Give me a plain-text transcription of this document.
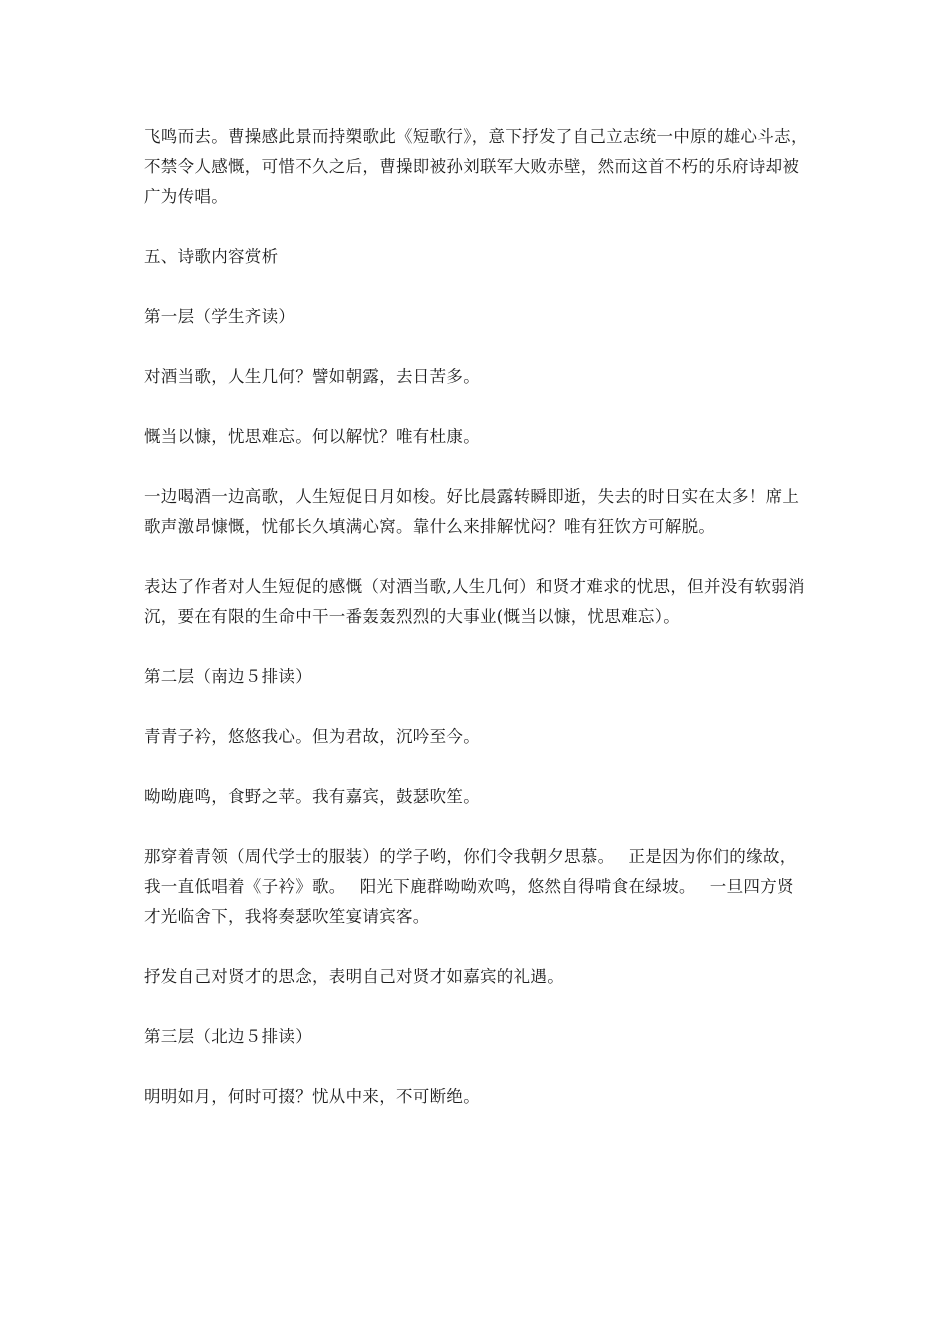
飞鸣而去。曹操感此景而持槊歌此《短歌行》，意下抒发了自己立志统一中原的雄心斗志，
不禁令人感慨，可惜不久之后，曹操即被孙刘联军大败赤壁，然而这首不朽的乐府诗却被
广为传唱。

五、诗歌内容赏析

第一层（学生齐读）

对酒当歌，人生几何？譬如朝露，去日苦多。

慨当以慷，忧思难忘。何以解忧？唯有杜康。

一边喝酒一边高歌，人生短促日月如梭。好比晨露转瞬即逝，失去的时日实在太多！席上
歌声激昂慷慨，忧郁长久填满心窝。靠什么来排解忧闷？唯有狂饮方可解脱。

表达了作者对人生短促的感慨（对酒当歌,人生几何）和贤才难求的忧思，但并没有软弱消
沉，要在有限的生命中干一番轰轰烈烈的大事业(慨当以慷，忧思难忘）。

第二层（南边５排读）

青青子衿，悠悠我心。但为君故，沉吟至今。

呦呦鹿鸣，食野之苹。我有嘉宾，鼓瑟吹笙。

那穿着青领（周代学士的服装）的学子哟，你们令我朝夕思慕。　 正是因为你们的缘故，
我一直低唱着《子衿》歌。　 阳光下鹿群呦呦欢鸣，悠然自得啃食在绿坡。　 一旦四方贤
才光临舍下，我将奏瑟吹笙宴请宾客。

抒发自己对贤才的思念，表明自己对贤才如嘉宾的礼遇。

第三层（北边５排读）

明明如月，何时可掇？忧从中来，不可断绝。
